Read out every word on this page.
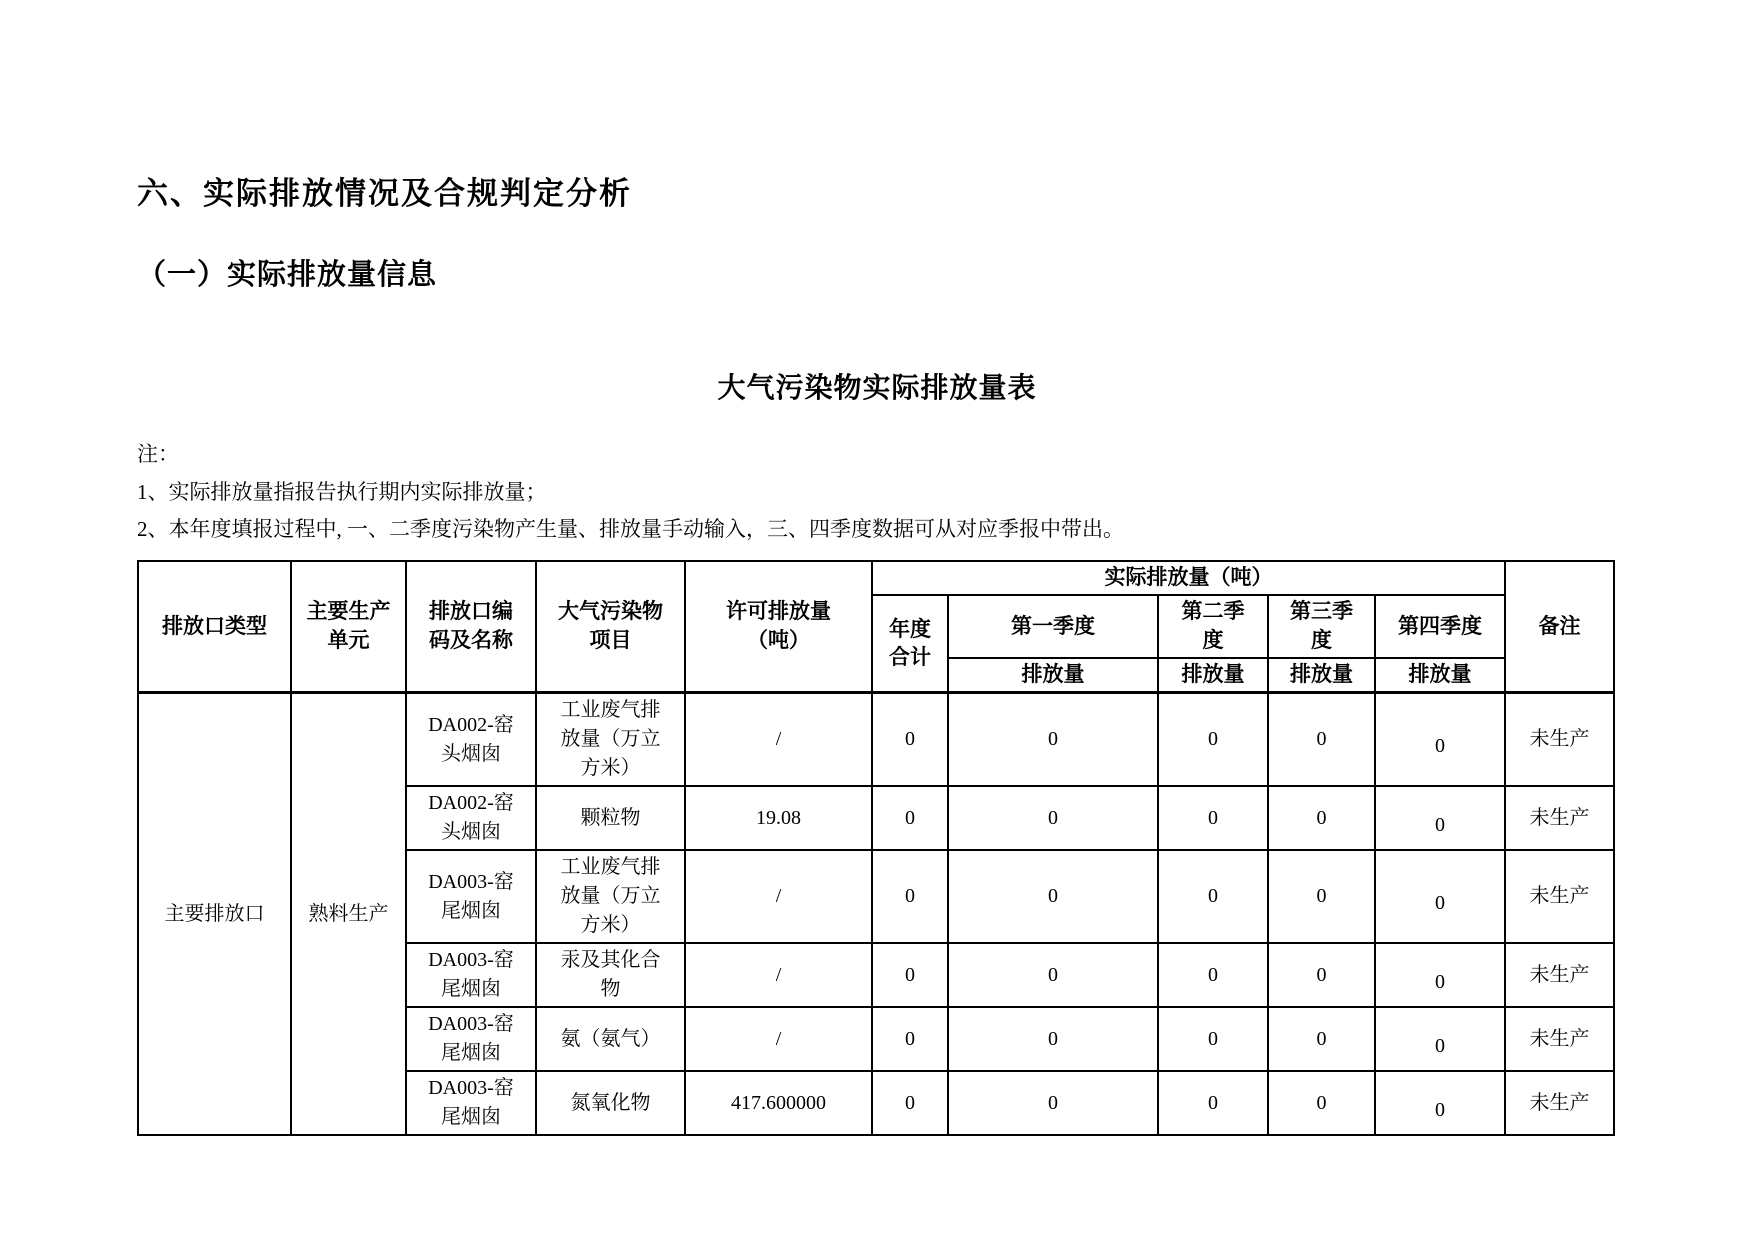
六、实际排放情况及合规判定分析
（一）实际排放量信息
大气污染物实际排放量表
注：
1、实际排放量指报告执行期内实际排放量；
2、本年度填报过程中, 一、二季度污染物产生量、排放量手动输入，三、四季度数据可从对应季报中带出。
排放口类型	主要生产单元	排放口编码及名称	大气污染物项目	许可排放量（吨）	实际排放量（吨）					备注
					年度合计	第一季度	第二季度	第三季度	第四季度	
						排放量	排放量	排放量	排放量	
主要排放口	熟料生产	DA002-窑头烟囱	工业废气排放量（万立方米）	/	0	0	0	0	0	未生产
		DA002-窑头烟囱	颗粒物	19.08	0	0	0	0	0	未生产
		DA003-窑尾烟囱	工业废气排放量（万立方米）	/	0	0	0	0	0	未生产
		DA003-窑尾烟囱	汞及其化合物	/	0	0	0	0	0	未生产
		DA003-窑尾烟囱	氨（氨气）	/	0	0	0	0	0	未生产
		DA003-窑尾烟囱	氮氧化物	417.600000	0	0	0	0	0	未生产
